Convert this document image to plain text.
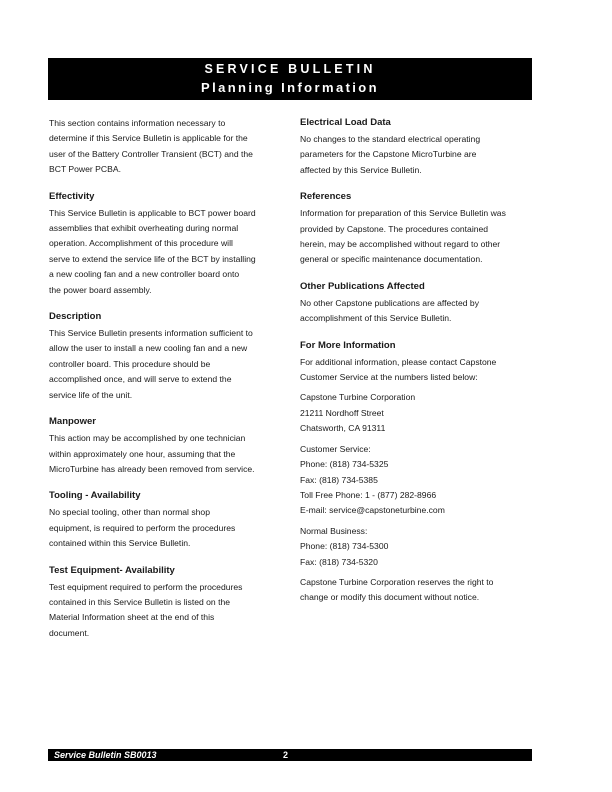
SERVICE BULLETIN
Planning Information
This section contains information necessary to
determine if this Service Bulletin is applicable for the
user of the Battery Controller Transient (BCT) and the
BCT Power PCBA.
Effectivity
This Service Bulletin is applicable to BCT power board
assemblies that exhibit overheating during normal
operation. Accomplishment of this procedure will
serve to extend the service life of the BCT by installing
a new cooling fan and a new controller board onto
the power board assembly.
Description
This Service Bulletin presents information sufficient to
allow the user to install a new cooling fan and a new
controller board. This procedure should be
accomplished once, and will serve to extend the
service life of the unit.
Manpower
This action may be accomplished by one technician
within approximately one hour, assuming that the
MicroTurbine has already been removed from service.
Tooling - Availability
No special tooling, other than normal shop
equipment, is required to perform the procedures
contained within this Service Bulletin.
Test Equipment- Availability
Test equipment required to perform the procedures
contained in this Service Bulletin is listed on the
Material Information sheet at the end of this
document.
Electrical Load Data
No changes to the standard electrical operating
parameters for the Capstone MicroTurbine are
affected by this Service Bulletin.
References
Information for preparation of this Service Bulletin was
provided by Capstone. The procedures contained
herein, may be accomplished without regard to other
general or specific maintenance documentation.
Other Publications Affected
No other Capstone publications are affected by
accomplishment of this Service Bulletin.
For More Information
For additional information, please contact Capstone
Customer Service at the numbers listed below:
Capstone Turbine Corporation
21211 Nordhoff Street
Chatsworth, CA 91311
Customer Service:
Phone: (818) 734-5325
Fax: (818) 734-5385
Toll Free Phone: 1 - (877) 282-8966
E-mail: service@capstoneturbine.com
Normal Business:
Phone: (818) 734-5300
Fax: (818) 734-5320
Capstone Turbine Corporation reserves the right to
change or modify this document without notice.
Service Bulletin SB0013	2	511381-001
